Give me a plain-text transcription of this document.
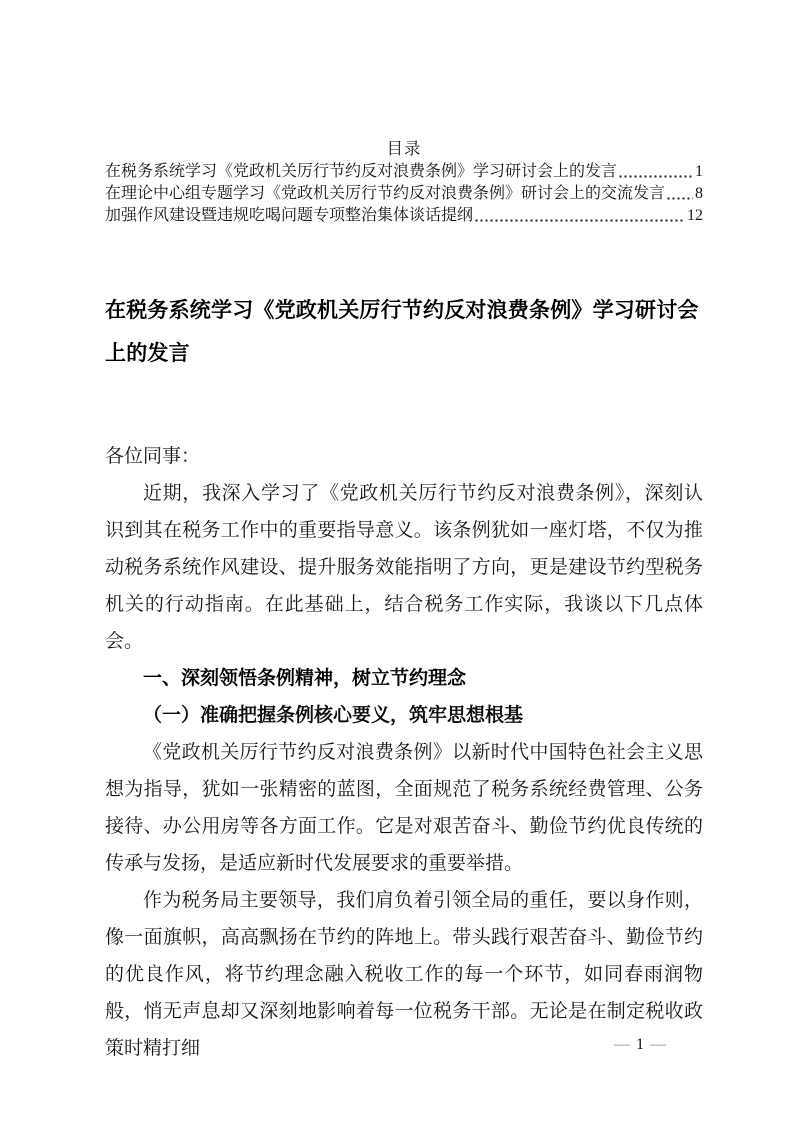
目录
在税务系统学习《党政机关厉行节约反对浪费条例》学习研讨会上的发言	1
在理论中心组专题学习《党政机关厉行节约反对浪费条例》研讨会上的交流发言 8
加强作风建设暨违规吃喝问题专项整治集体谈话提纲	12
在税务系统学习《党政机关厉行节约反对浪费条例》学习研讨会上的发言

各位同事：

近期，我深入学习了《党政机关厉行节约反对浪费条例》，深刻认识到其在税务工作中的重要指导意义。该条例犹如一座灯塔，不仅为推动税务系统作风建设、提升服务效能指明了方向，更是建设节约型税务机关的行动指南。在此基础上，结合税务工作实际，我谈以下几点体会。

一、深刻领悟条例精神，树立节约理念

（一）准确把握条例核心要义，筑牢思想根基

《党政机关厉行节约反对浪费条例》以新时代中国特色社会主义思想为指导，犹如一张精密的蓝图，全面规范了税务系统经费管理、公务接待、办公用房等各方面工作。它是对艰苦奋斗、勤俭节约优良传统的传承与发扬，是适应新时代发展要求的重要举措。

作为税务局主要领导，我们肩负着引领全局的重任，要以身作则，像一面旗帜，高高飘扬在节约的阵地上。带头践行艰苦奋斗、勤俭节约的优良作风，将节约理念融入税收工作的每一个环节，如同春雨润物般，悄无声息却又深刻地影响着每一位税务干部。无论是在制定税收政策时精打细	— 1 —
